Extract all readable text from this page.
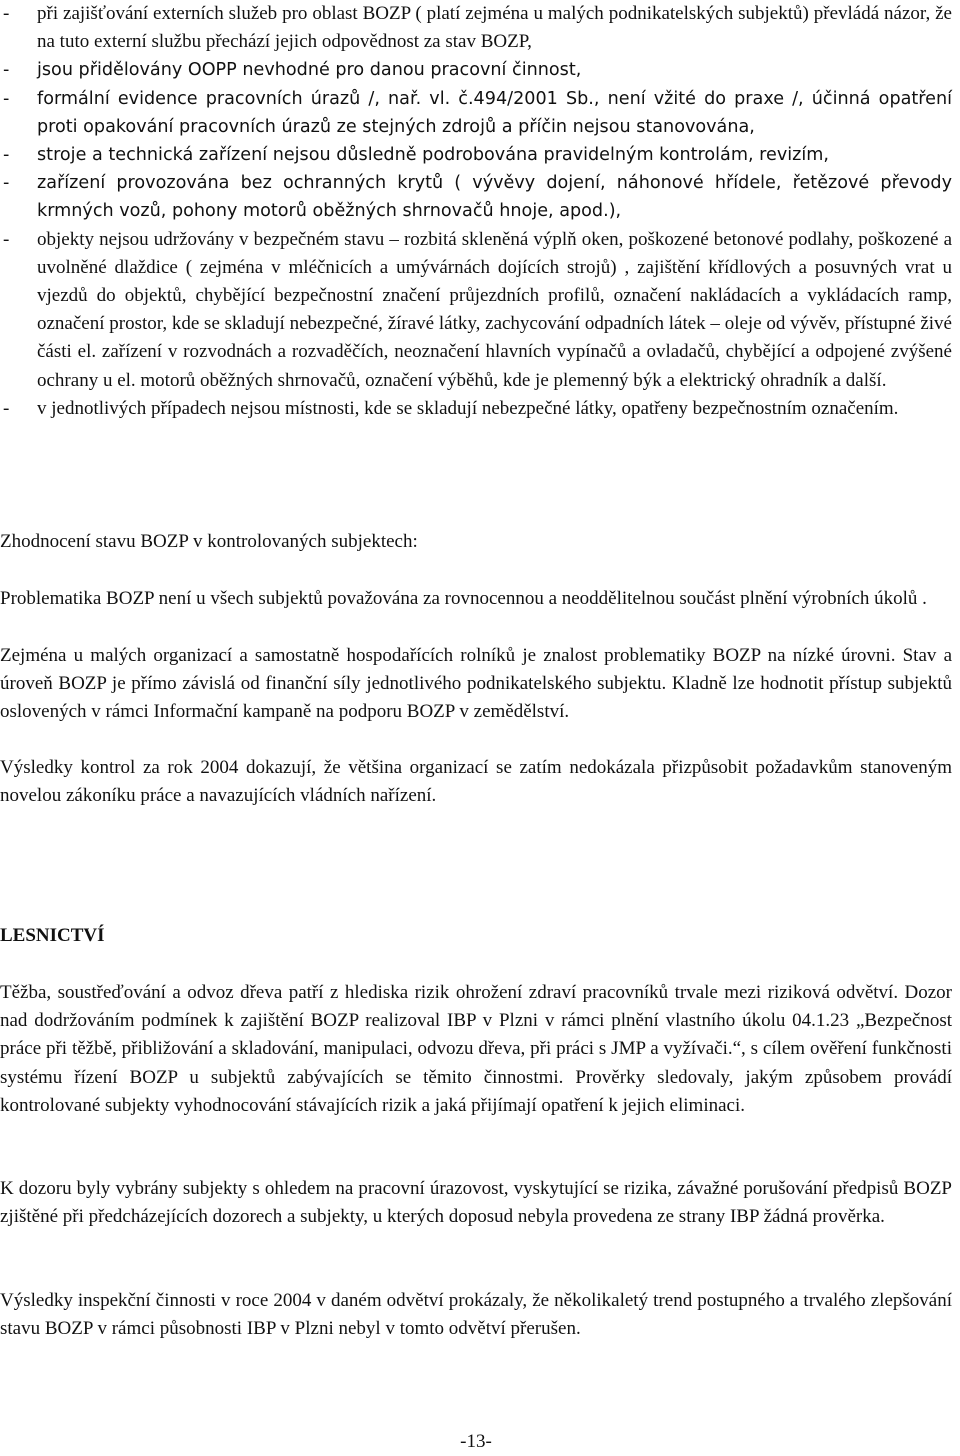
- při zajišťování externích služeb pro oblast BOZP ( platí zejména u malých podnikatelských subjektů) převládá názor, že na tuto externí službu přechází jejich odpovědnost za stav BOZP,
- jsou přidělovány OOPP nevhodné pro danou pracovní činnost,
- formální evidence pracovních úrazů /, nař. vl. č.494/2001 Sb., není vžité do praxe /, účinná opatření proti opakování pracovních úrazů ze stejných zdrojů a příčin nejsou stanovována,
- stroje a technická zařízení nejsou důsledně podrobována pravidelným kontrolám, revizím,
- zařízení provozována bez ochranných krytů ( vývěvy dojení, náhonové hřídele, řetězové převody krmných vozů, pohony motorů oběžných shrnovačů hnoje, apod.),
- objekty nejsou udržovány v bezpečném stavu – rozbitá skleněná výplň oken, poškozené betonové podlahy, poškozené a uvolněné dlaždice ( zejména v mléčnicích a umývárnách dojících strojů) , zajištění křídlových a posuvných vrat u vjezdů do objektů, chybějící bezpečnostní značení průjezdních profilů, označení nakládacích a vykládacích ramp, označení prostor, kde se skladují nebezpečné, žíravé látky, zachycování odpadních látek – oleje od vývěv, přístupné živé části el. zařízení v rozvodnách a rozvaděčích, neoznačení hlavních vypínačů a ovladačů, chybějící a odpojené zvýšené ochrany u el. motorů oběžných shrnovačů, označení výběhů, kde je plemenný býk a elektrický ohradník a další.
- v jednotlivých případech nejsou místnosti, kde se skladují nebezpečné látky, opatřeny bezpečnostním označením.

Zhodnocení stavu BOZP v kontrolovaných subjektech:

Problematika BOZP není u všech subjektů považována za rovnocennou a neoddělitelnou součást plnění výrobních úkolů .

Zejména u malých organizací a samostatně hospodařících rolníků je znalost problematiky BOZP na nízké úrovni. Stav a úroveň BOZP je přímo závislá od finanční síly jednotlivého podnikatelského subjektu. Kladně lze hodnotit přístup subjektů oslovených v rámci Informační kampaně na podporu BOZP v zemědělství.

Výsledky kontrol za rok 2004 dokazují, že většina organizací se zatím nedokázala přizpůsobit požadavkům stanoveným novelou zákoníku práce a navazujících vládních nařízení.

LESNICTVÍ

Těžba, soustřeďování a odvoz dřeva patří z hlediska rizik ohrožení zdraví pracovníků trvale mezi riziková odvětví. Dozor nad dodržováním podmínek k zajištění BOZP realizoval IBP v Plzni v rámci plnění vlastního úkolu 04.1.23 „Bezpečnost práce při těžbě, přibližování a skladování, manipulaci, odvozu dřeva, při práci s JMP a vyžívači.“, s cílem ověření funkčnosti systému řízení BOZP u subjektů zabývajících se těmito činnostmi. Prověrky sledovaly, jakým způsobem provádí kontrolované subjekty vyhodnocování stávajících rizik a jaká přijímají opatření k jejich eliminaci.

K dozoru byly vybrány subjekty s ohledem na pracovní úrazovost, vyskytující se rizika, závažné porušování předpisů BOZP zjištěné při předcházejících dozorech a subjekty, u kterých doposud nebyla provedena ze strany IBP žádná prověrka.

Výsledky inspekční činnosti v roce 2004 v daném odvětví prokázaly, že několikaletý trend postupného a trvalého zlepšování stavu BOZP v rámci působnosti IBP v Plzni nebyl v tomto odvětví přerušen.

-13-
